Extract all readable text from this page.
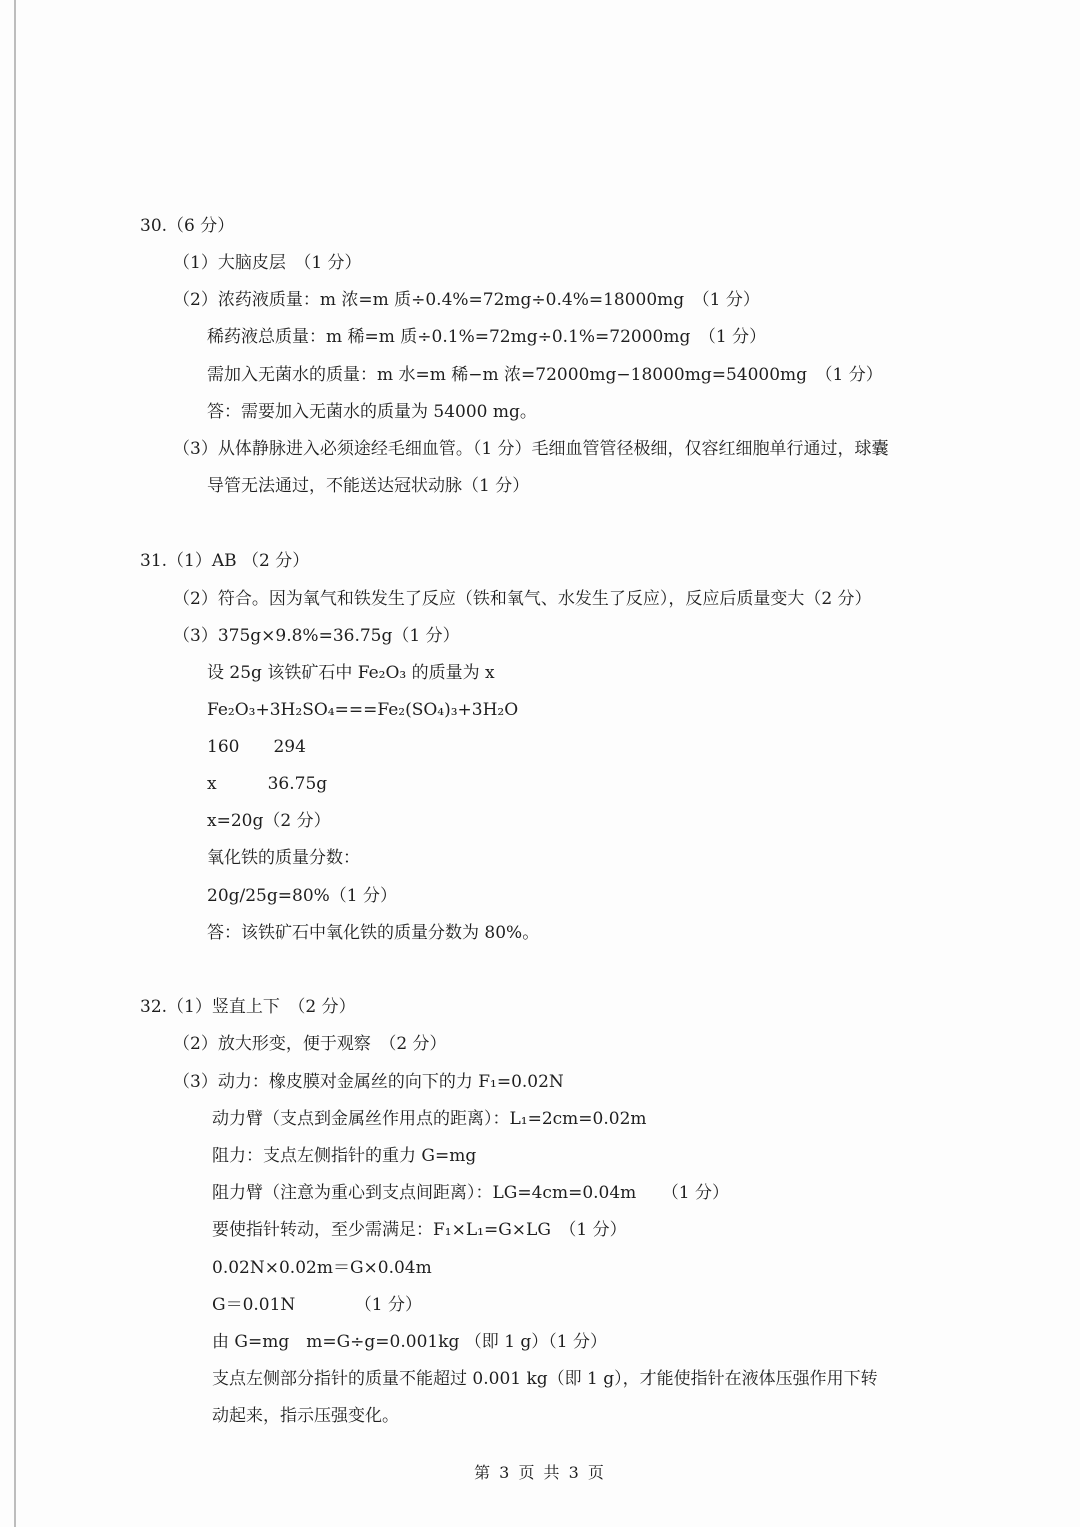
30.（6 分）
（1）大脑皮层　（1 分）
（2）浓药液质量：m 浓=m 质÷0.4%=72mg÷0.4%=18000mg　（1 分）
稀药液总质量：m 稀=m 质÷0.1%=72mg÷0.1%=72000mg　（1 分）
需加入无菌水的质量：m 水=m 稀−m 浓=72000mg−18000mg=54000mg　（1 分）
答：需要加入无菌水的质量为 54000 mg。
（3）从体静脉进入必须途经毛细血管。（1 分）毛细血管管径极细，仅容红细胞单行通过，球囊
导管无法通过，不能送达冠状动脉（1 分）
31.（1）AB （2 分）
（2）符合。因为氧气和铁发生了反应（铁和氧气、水发生了反应），反应后质量变大（2 分）
（3）375g×9.8%=36.75g（1 分）
设 25g 该铁矿石中 Fe₂O₃ 的质量为 x
Fe₂O₃+3H₂SO₄===Fe₂(SO₄)₃+3H₂O
160　　294
x　　　36.75g
x=20g（2 分）
氧化铁的质量分数：
20g/25g=80%（1 分）
答：该铁矿石中氧化铁的质量分数为 80%。
32.（1）竖直上下　（2 分）
（2）放大形变，便于观察　（2 分）
（3）动力：橡皮膜对金属丝的向下的力 F₁=0.02N
动力臂（支点到金属丝作用点的距离）：L₁=2cm=0.02m
阻力：支点左侧指针的重力 G=mg
阻力臂（注意为重心到支点间距离）：LG=4cm=0.04m　　（1 分）
要使指针转动，至少需满足：F₁×L₁=G×LG　（1 分）
0.02N×0.02m＝G×0.04m
G＝0.01N　　　　（1 分）
由 G=mg　m=G÷g=0.001kg （即 1 g）（1 分）
支点左侧部分指针的质量不能超过 0.001 kg（即 1 g），才能使指针在液体压强作用下转
动起来，指示压强变化。
第 3 页 共 3 页
